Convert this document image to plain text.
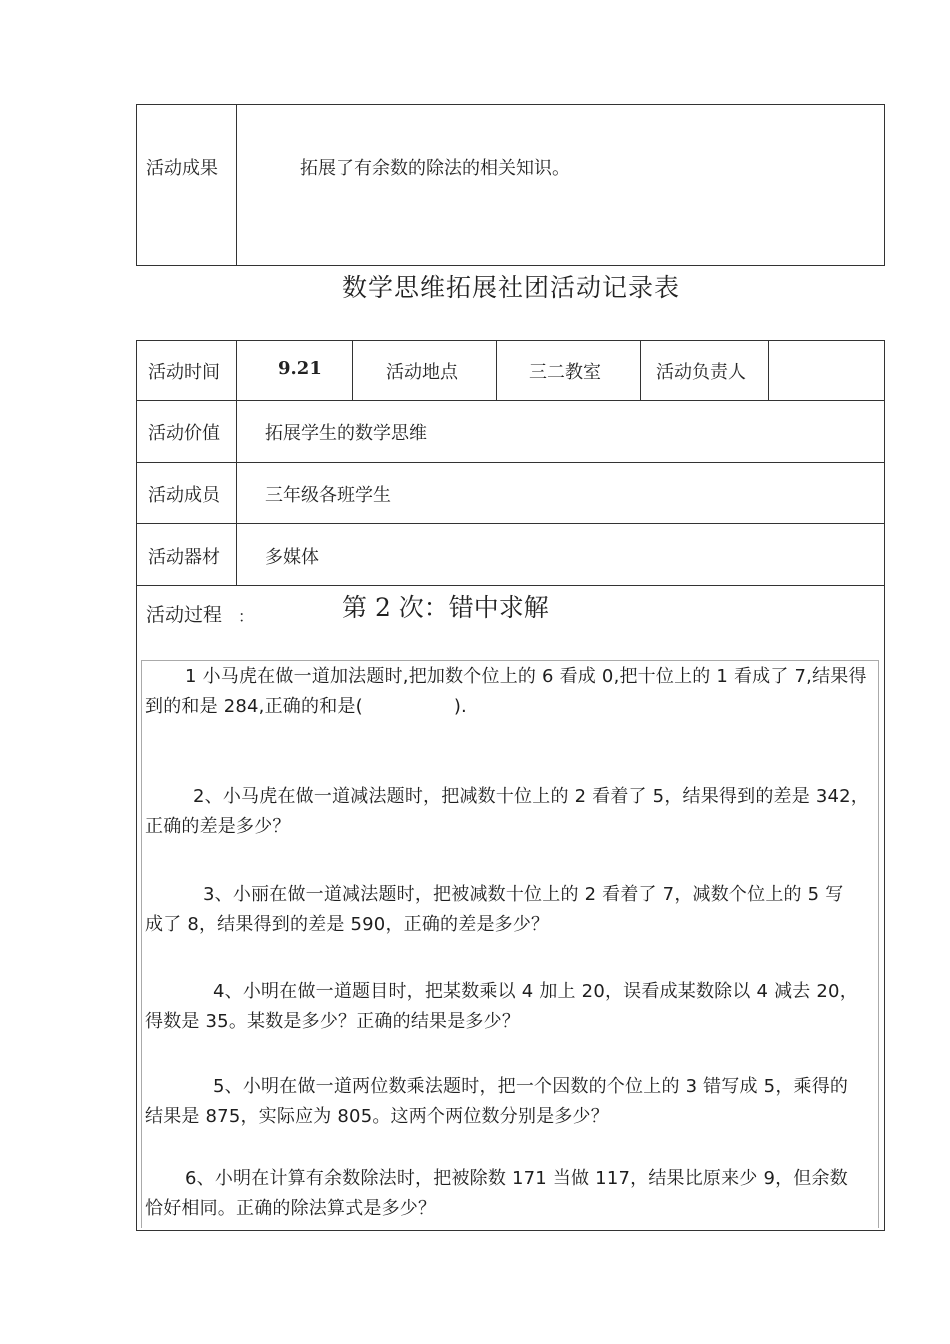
活动成果	拓展了有余数的除法的相关知识。
数学思维拓展社团活动记录表
活动时间	9.21	活动地点	三二教室	活动负责人
活动价值	拓展学生的数学思维
活动成员	三年级各班学生
活动器材	多媒体
活动过程 ：	第 2 次：错中求解

1 小马虎在做一道加法题时,把加数个位上的 6 看成 0,把十位上的 1 看成了 7,结果得

到的和是 284,正确的和是(　　　　　).

2、小马虎在做一道减法题时，把减数十位上的 2 看着了 5，结果得到的差是 342，

正确的差是多少？

3、小丽在做一道减法题时，把被减数十位上的 2 看着了 7，减数个位上的 5 写

成了 8，结果得到的差是 590，正确的差是多少？

4、小明在做一道题目时，把某数乘以 4 加上 20，误看成某数除以 4 减去 20，

得数是 35。某数是多少？正确的结果是多少？

5、小明在做一道两位数乘法题时，把一个因数的个位上的 3 错写成 5，乘得的

结果是 875，实际应为 805。这两个两位数分别是多少？

6、小明在计算有余数除法时，把被除数 171 当做 117，结果比原来少 9，但余数

恰好相同。正确的除法算式是多少？
